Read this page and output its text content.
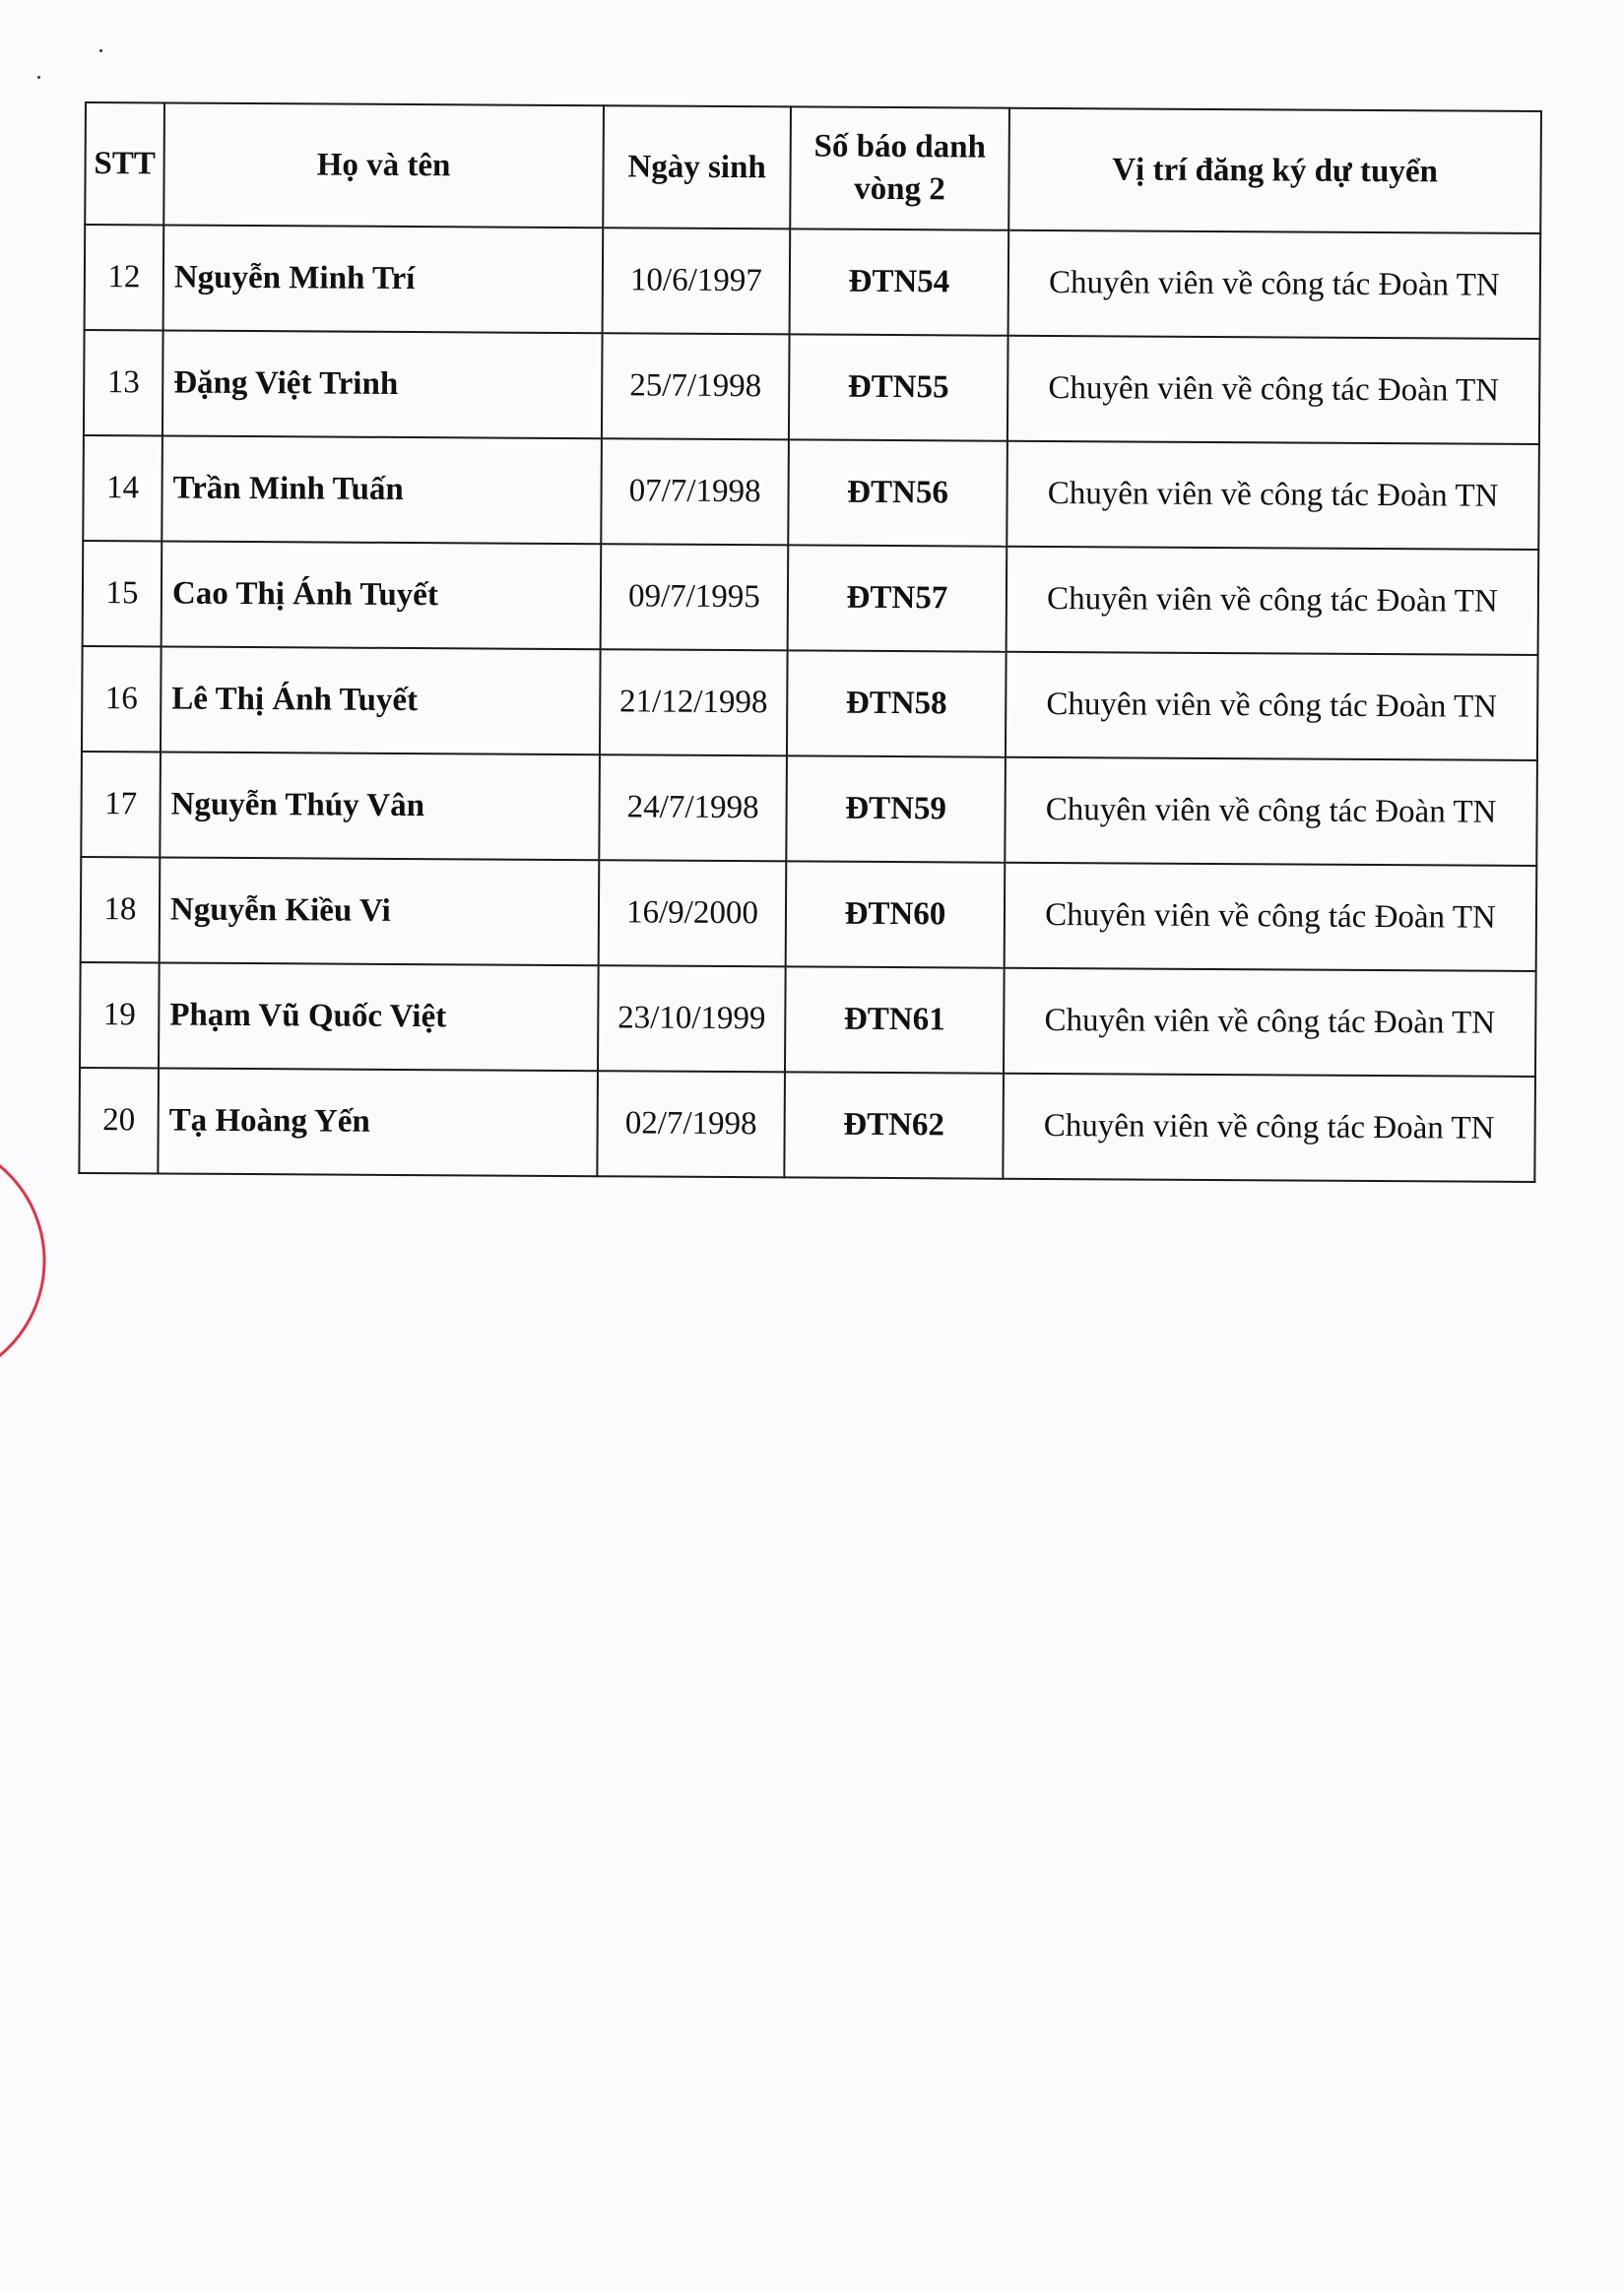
STT	Họ và tên	Ngày sinh	Số báo danh vòng 2	Vị trí đăng ký dự tuyển
12	Nguyễn Minh Trí	10/6/1997	ĐTN54	Chuyên viên về công tác Đoàn TN
13	Đặng Việt Trinh	25/7/1998	ĐTN55	Chuyên viên về công tác Đoàn TN
14	Trần Minh Tuấn	07/7/1998	ĐTN56	Chuyên viên về công tác Đoàn TN
15	Cao Thị Ánh Tuyết	09/7/1995	ĐTN57	Chuyên viên về công tác Đoàn TN
16	Lê Thị Ánh Tuyết	21/12/1998	ĐTN58	Chuyên viên về công tác Đoàn TN
17	Nguyễn Thúy Vân	24/7/1998	ĐTN59	Chuyên viên về công tác Đoàn TN
18	Nguyễn Kiều Vi	16/9/2000	ĐTN60	Chuyên viên về công tác Đoàn TN
19	Phạm Vũ Quốc Việt	23/10/1999	ĐTN61	Chuyên viên về công tác Đoàn TN
20	Tạ Hoàng Yến	02/7/1998	ĐTN62	Chuyên viên về công tác Đoàn TN
